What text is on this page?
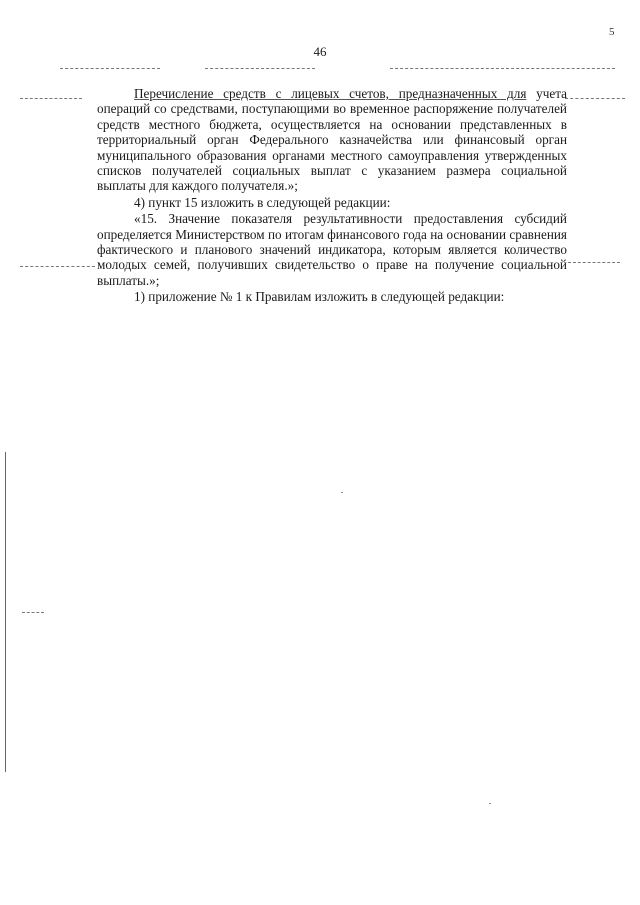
46
5

Перечисление средств с лицевых счетов, предназначенных для учета операций со средствами, поступающими во временное распоряжение получателей средств местного бюджета, осуществляется на основании представленных в территориальный орган Федерального казначейства или финансовый орган муниципального образования органами местного самоуправления утвержденных списков получателей социальных выплат с указанием размера социальной выплаты для каждого получателя.»;

4) пункт 15 изложить в следующей редакции:

«15. Значение показателя результативности предоставления субсидий определяется Министерством по итогам финансового года на основании сравнения фактического и планового значений индикатора, которым является количество молодых семей, получивших свидетельство о праве на получение социальной выплаты.»;

1) приложение № 1 к Правилам изложить в следующей редакции:
